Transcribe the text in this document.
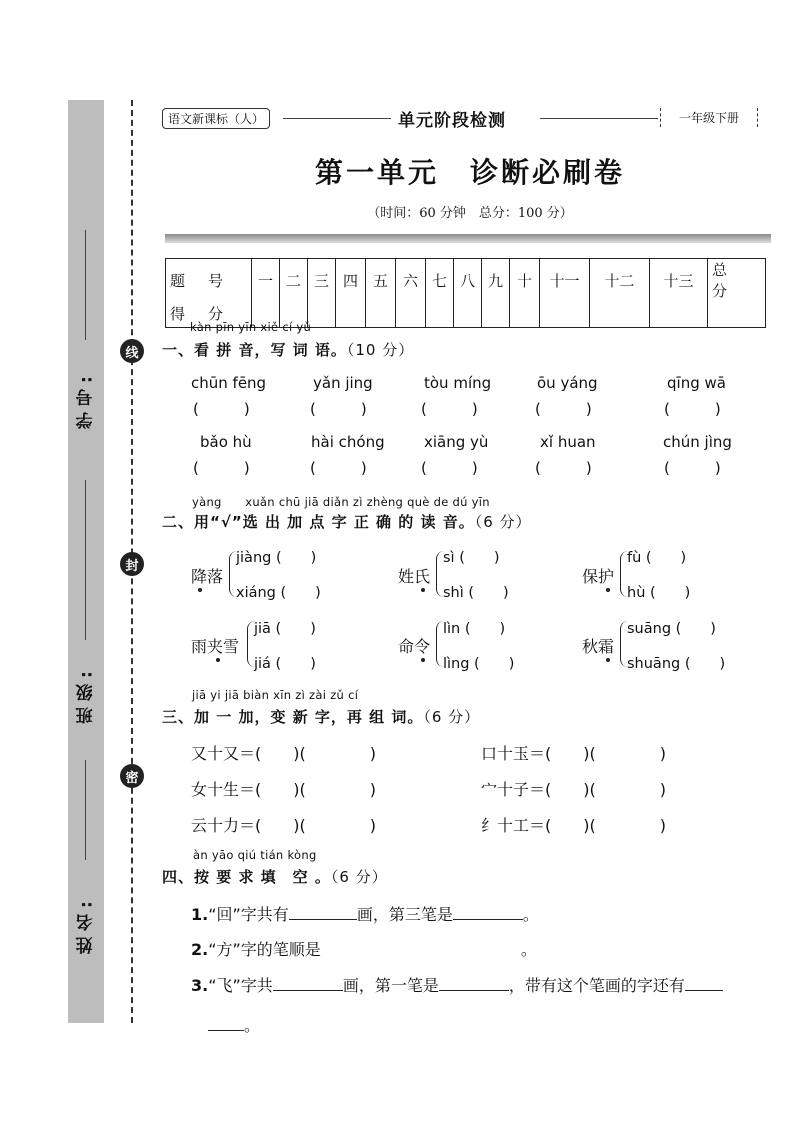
学号:
班级:
姓名:
线
封
密
语文新课标（人）	单元阶段检测	一年级下册
第一单元　诊断必刷卷
（时间：60 分钟　总分：100 分）
题　号	一	二	三	四	五	六	七	八	九	十	十一	十二	十三	总　分
得　分														
kàn pīn yīn xiě cí yǔ
一、看 拼 音，写 词 语。（10 分）
chūn fēng	yǎn jing	tòu míng	ōu yáng	qīng wā
(　　　)	(　　　)	(　　　)	(　　　)	(　　　)
bǎo hù	hài chóng	xiāng yù	xǐ huan	chún jìng
(　　　)	(　　　)	(　　　)	(　　　)	(　　　)
yàng　　xuǎn chū jiā diǎn zì zhèng què de dú yīn
二、用“√”选 出 加 点 字 正 确 的 读 音。（6 分）
降落
jiàng (　　)
xiáng (　　)
姓氏
sì (　　)
shì (　　)
保护
fù (　　)
hù (　　)
雨夹雪
jiā (　　)
jiá (　　)
命令
lìn (　　)
lìng (　　)
秋霜
suāng (　　)
shuāng (　　)
jiā yi jiā biàn xīn zì zài zǔ cí
三、加 一 加，变 新 字，再 组 词。（6 分）
又十又＝(　　)(　　　　)	口十玉＝(　　)(　　　　)
女十生＝(　　)(　　　　)	宀十子＝(　　)(　　　　)
云十力＝(　　)(　　　　)	纟十工＝(　　)(　　　　)
àn yāo qiú tián kòng
四、按 要 求 填　空 。（6 分）
1.“回”字共有	画，第三笔是	。
2.“方”字的笔顺是	。
3.“飞”字共	画，第一笔是	，带有这个笔画的字还有
。
